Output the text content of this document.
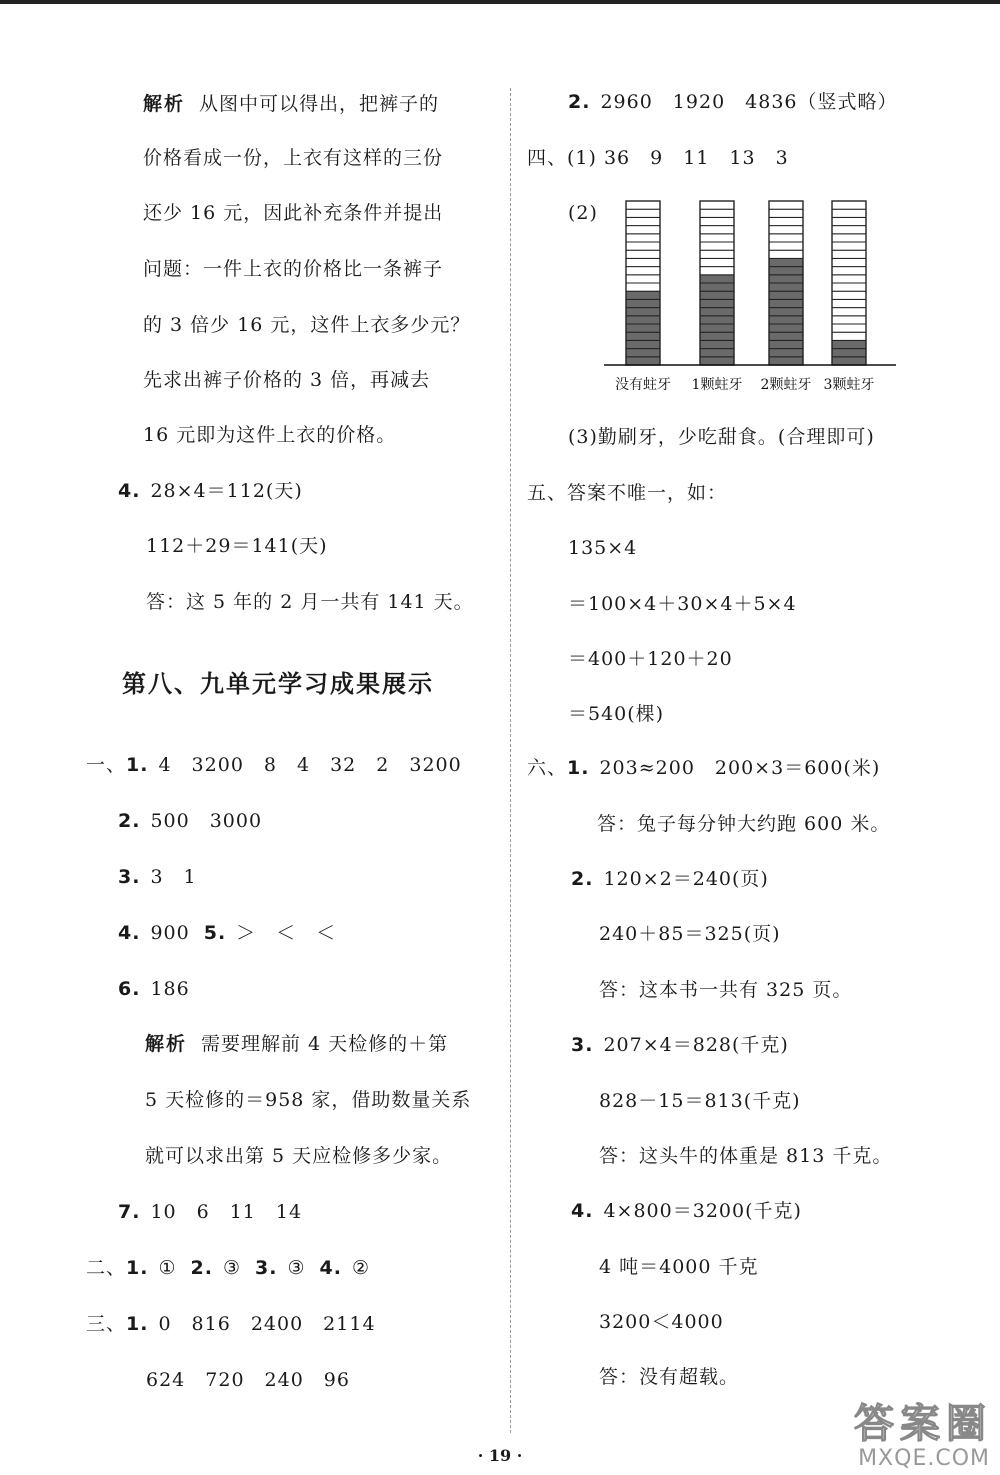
解析 从图中可以得出，把裤子的
价格看成一份，上衣有这样的三份
还少 16 元，因此补充条件并提出
问题：一件上衣的价格比一条裤子
的 3 倍少 16 元，这件上衣多少元？
先求出裤子价格的 3 倍，再减去
16 元即为这件上衣的价格。
4. 28×4＝112(天)
112＋29＝141(天)
答：这 5 年的 2 月一共有 141 天。
第八、九单元学习成果展示
一、1. 4　3200　8　4　32　2　3200
2. 500　3000
3. 3　1
4. 900 5. ＞　＜　＜
6. 186
解析 需要理解前 4 天检修的＋第
5 天检修的＝958 家，借助数量关系
就可以求出第 5 天应检修多少家。
7. 10　6　11　14
二、1. ① 2. ③ 3. ③ 4. ②
三、1. 0　816　2400　2114
624　720　240　96
2. 2960　1920　4836（竖式略）
四、(1) 36　9　11　13　3
(2)
没有蛀牙 1颗蛀牙 2颗蛀牙 3颗蛀牙
(3)勤刷牙，少吃甜食。(合理即可)
五、答案不唯一，如：
135×4
＝100×4＋30×4＋5×4
＝400＋120＋20
＝540(棵)
六、1. 203≈200　200×3＝600(米)
答：兔子每分钟大约跑 600 米。
2. 120×2＝240(页)
240＋85＝325(页)
答：这本书一共有 325 页。
3. 207×4＝828(千克)
828－15＝813(千克)
答：这头牛的体重是 813 千克。
4. 4×800＝3200(千克)
4 吨＝4000 千克
3200＜4000
答：没有超载。
· 19 ·
答案圈
MXQE.COM
